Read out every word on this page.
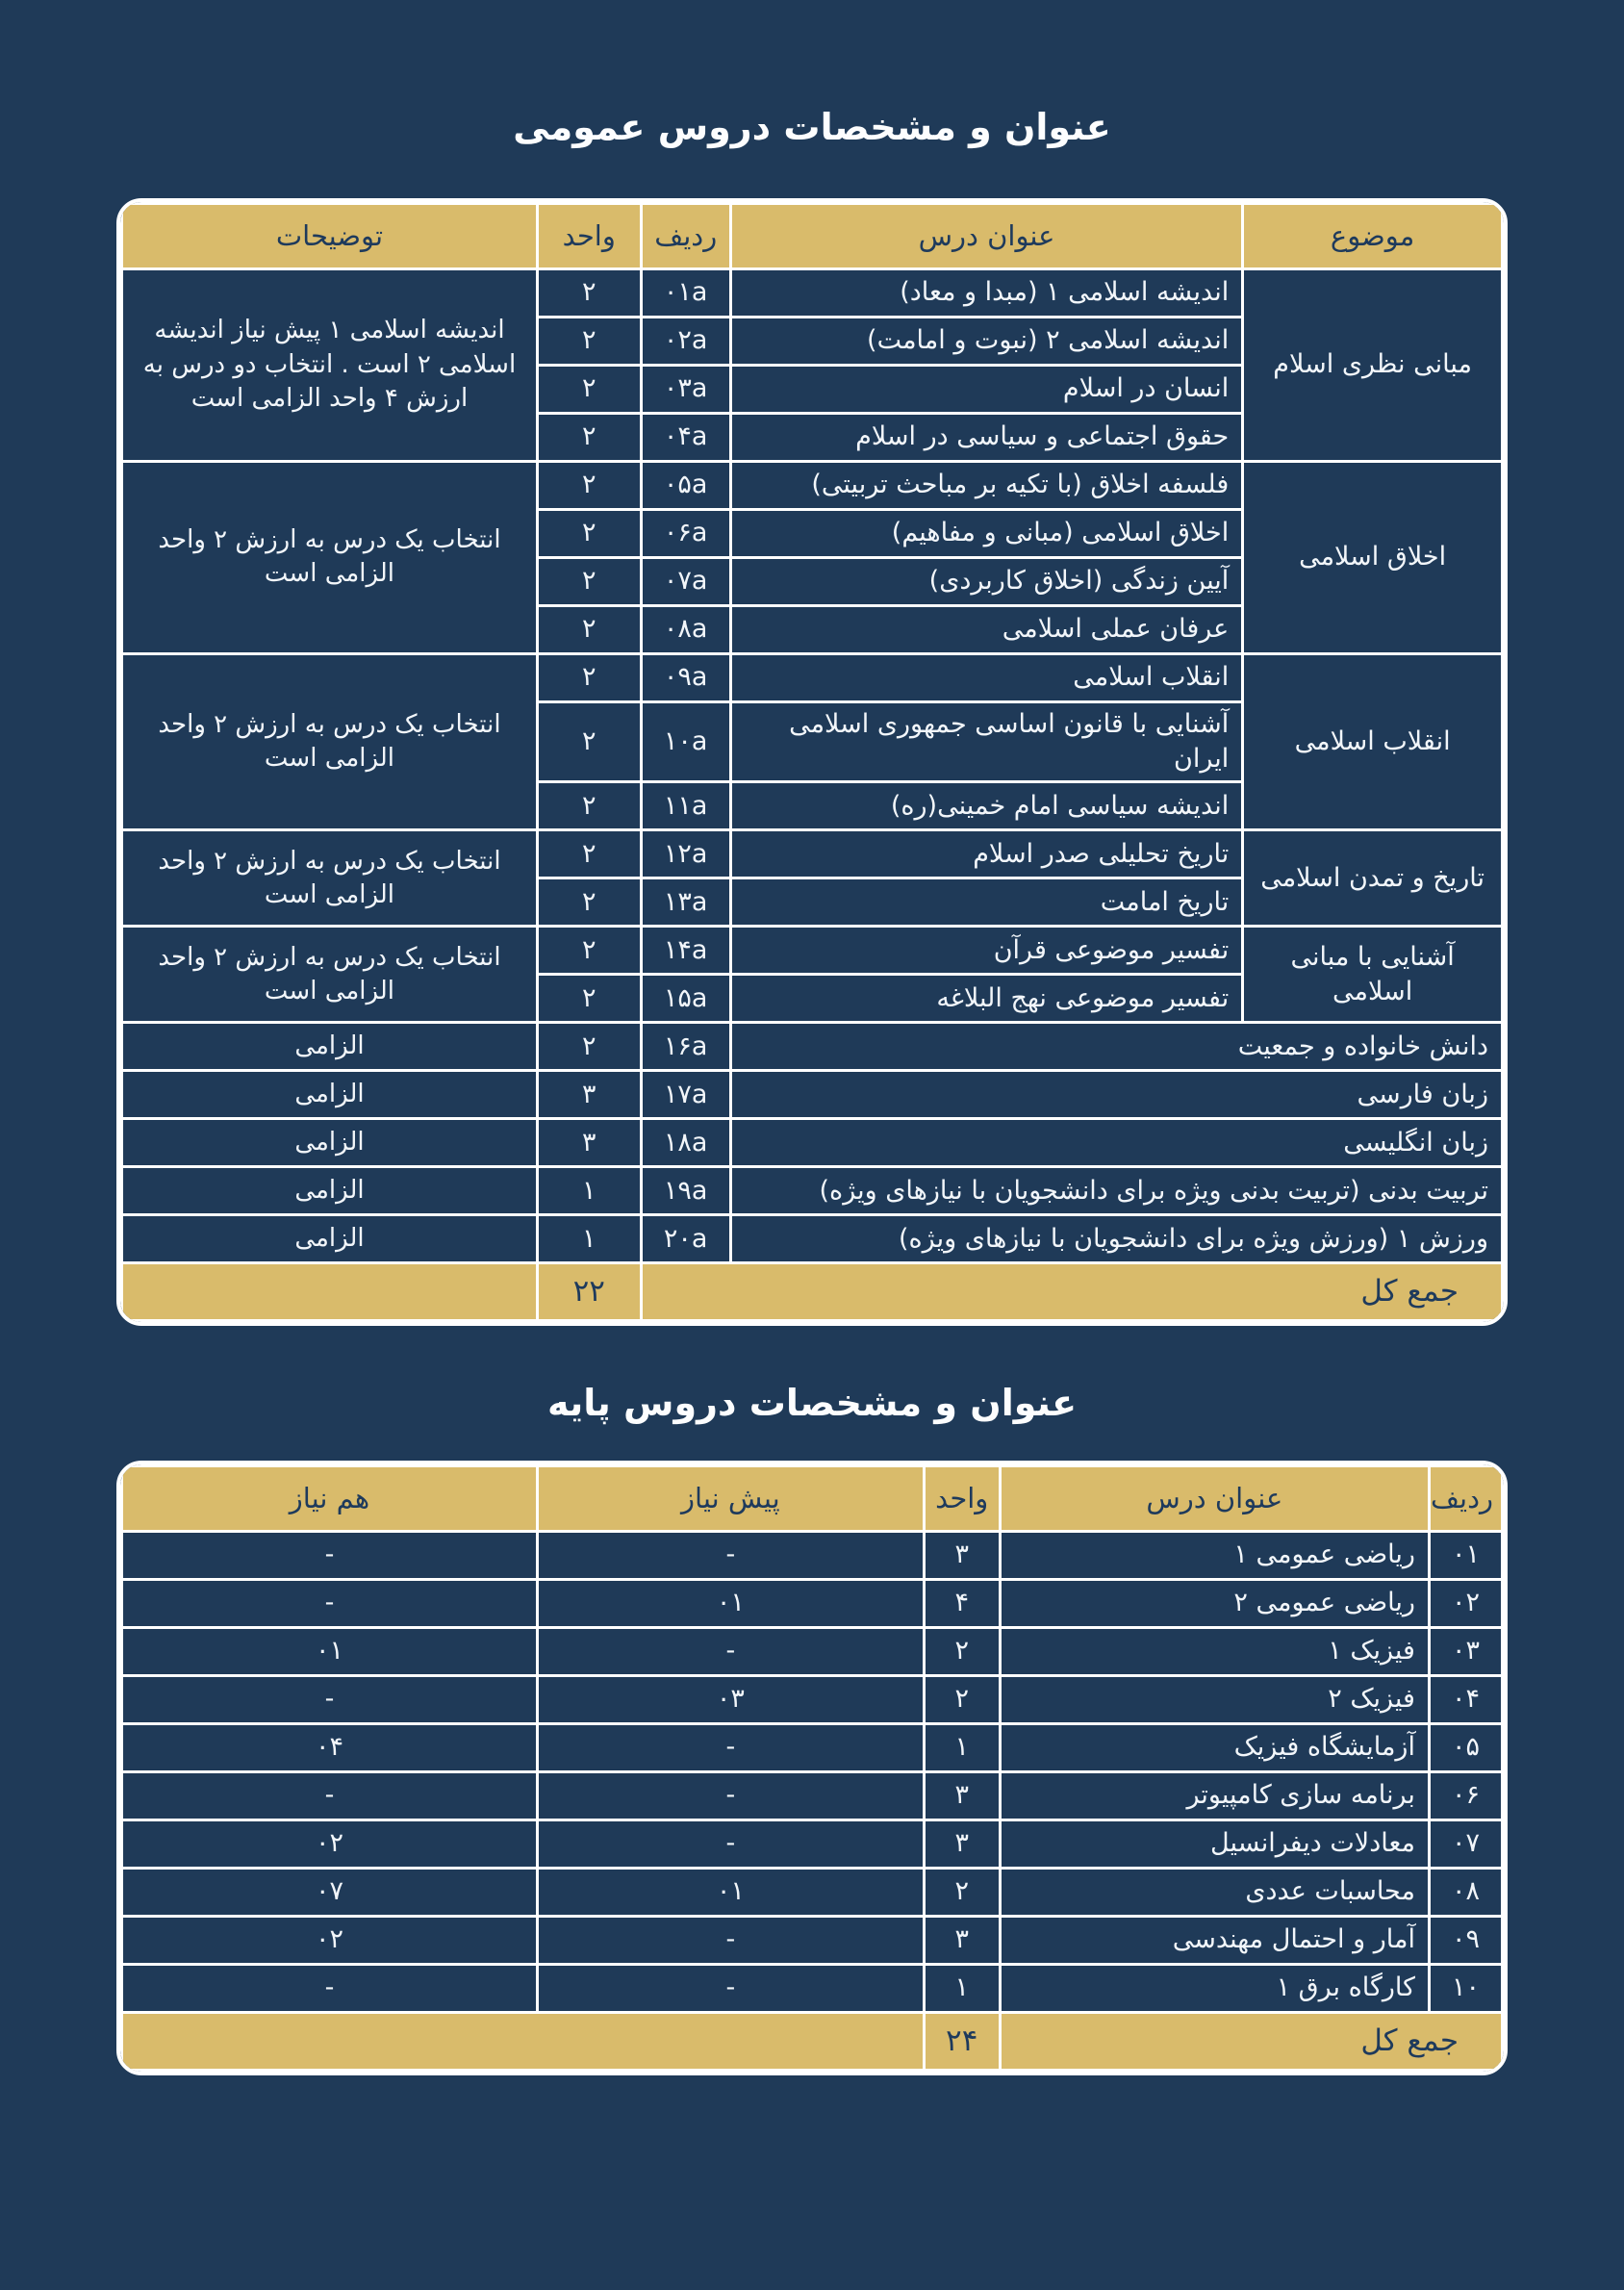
عنوان و مشخصات دروس عمومی
موضوع	عنوان درس	ردیف	واحد	توضیحات
مبانی نظری اسلام	اندیشه اسلامی ۱ (مبدا و معاد)	۰۱a	۲	اندیشه اسلامی ۱ پیش نیاز اندیشه اسلامی ۲ است . انتخاب دو درس به ارزش ۴ واحد الزامی است
	اندیشه اسلامی ۲ (نبوت و امامت)	۰۲a	۲	
	انسان در اسلام	۰۳a	۲	
	حقوق اجتماعی و سیاسی در اسلام	۰۴a	۲	
اخلاق اسلامی	فلسفه اخلاق (با تکیه بر مباحث تربیتی)	۰۵a	۲	انتخاب یک درس به ارزش ۲ واحد الزامی است
	اخلاق اسلامی (مبانی و مفاهیم)	۰۶a	۲	
	آیین زندگی (اخلاق کاربردی)	۰۷a	۲	
	عرفان عملی اسلامی	۰۸a	۲	
انقلاب اسلامی	انقلاب اسلامی	۰۹a	۲	انتخاب یک درس به ارزش ۲ واحد الزامی است
	آشنایی با قانون اساسی جمهوری اسلامی ایران	۱۰a	۲	
	اندیشه سیاسی امام خمینی(ره)	۱۱a	۲	
تاریخ و تمدن اسلامی	تاریخ تحلیلی صدر اسلام	۱۲a	۲	انتخاب یک درس به ارزش ۲ واحد الزامی است
	تاریخ امامت	۱۳a	۲	
آشنایی با مبانی اسلامی	تفسیر موضوعی قرآن	۱۴a	۲	انتخاب یک درس به ارزش ۲ واحد الزامی است
	تفسیر موضوعی نهج البلاغه	۱۵a	۲	
دانش خانواده و جمعیت		۱۶a	۲	الزامی
زبان فارسی		۱۷a	۳	الزامی
زبان انگلیسی		۱۸a	۳	الزامی
تربیت بدنی (تربیت بدنی ویژه برای دانشجویان با نیازهای ویژه)		۱۹a	۱	الزامی
ورزش ۱ (ورزش ویژه برای دانشجویان با نیازهای ویژه)		۲۰a	۱	الزامی
جمع کل			۲۲	
عنوان و مشخصات دروس پایه
ردیف	عنوان درس	واحد	پیش نیاز	هم نیاز
۰۱	ریاضی عمومی ۱	۳	-	-
۰۲	ریاضی عمومی ۲	۴	۰۱	-
۰۳	فیزیک ۱	۲	-	۰۱
۰۴	فیزیک ۲	۲	۰۳	-
۰۵	آزمایشگاه فیزیک	۱	-	۰۴
۰۶	برنامه سازی کامپیوتر	۳	-	-
۰۷	معادلات دیفرانسیل	۳	-	۰۲
۰۸	محاسبات عددی	۲	۰۱	۰۷
۰۹	آمار و احتمال مهندسی	۳	-	۰۲
۱۰	کارگاه برق ۱	۱	-	-
جمع کل		۲۴		
